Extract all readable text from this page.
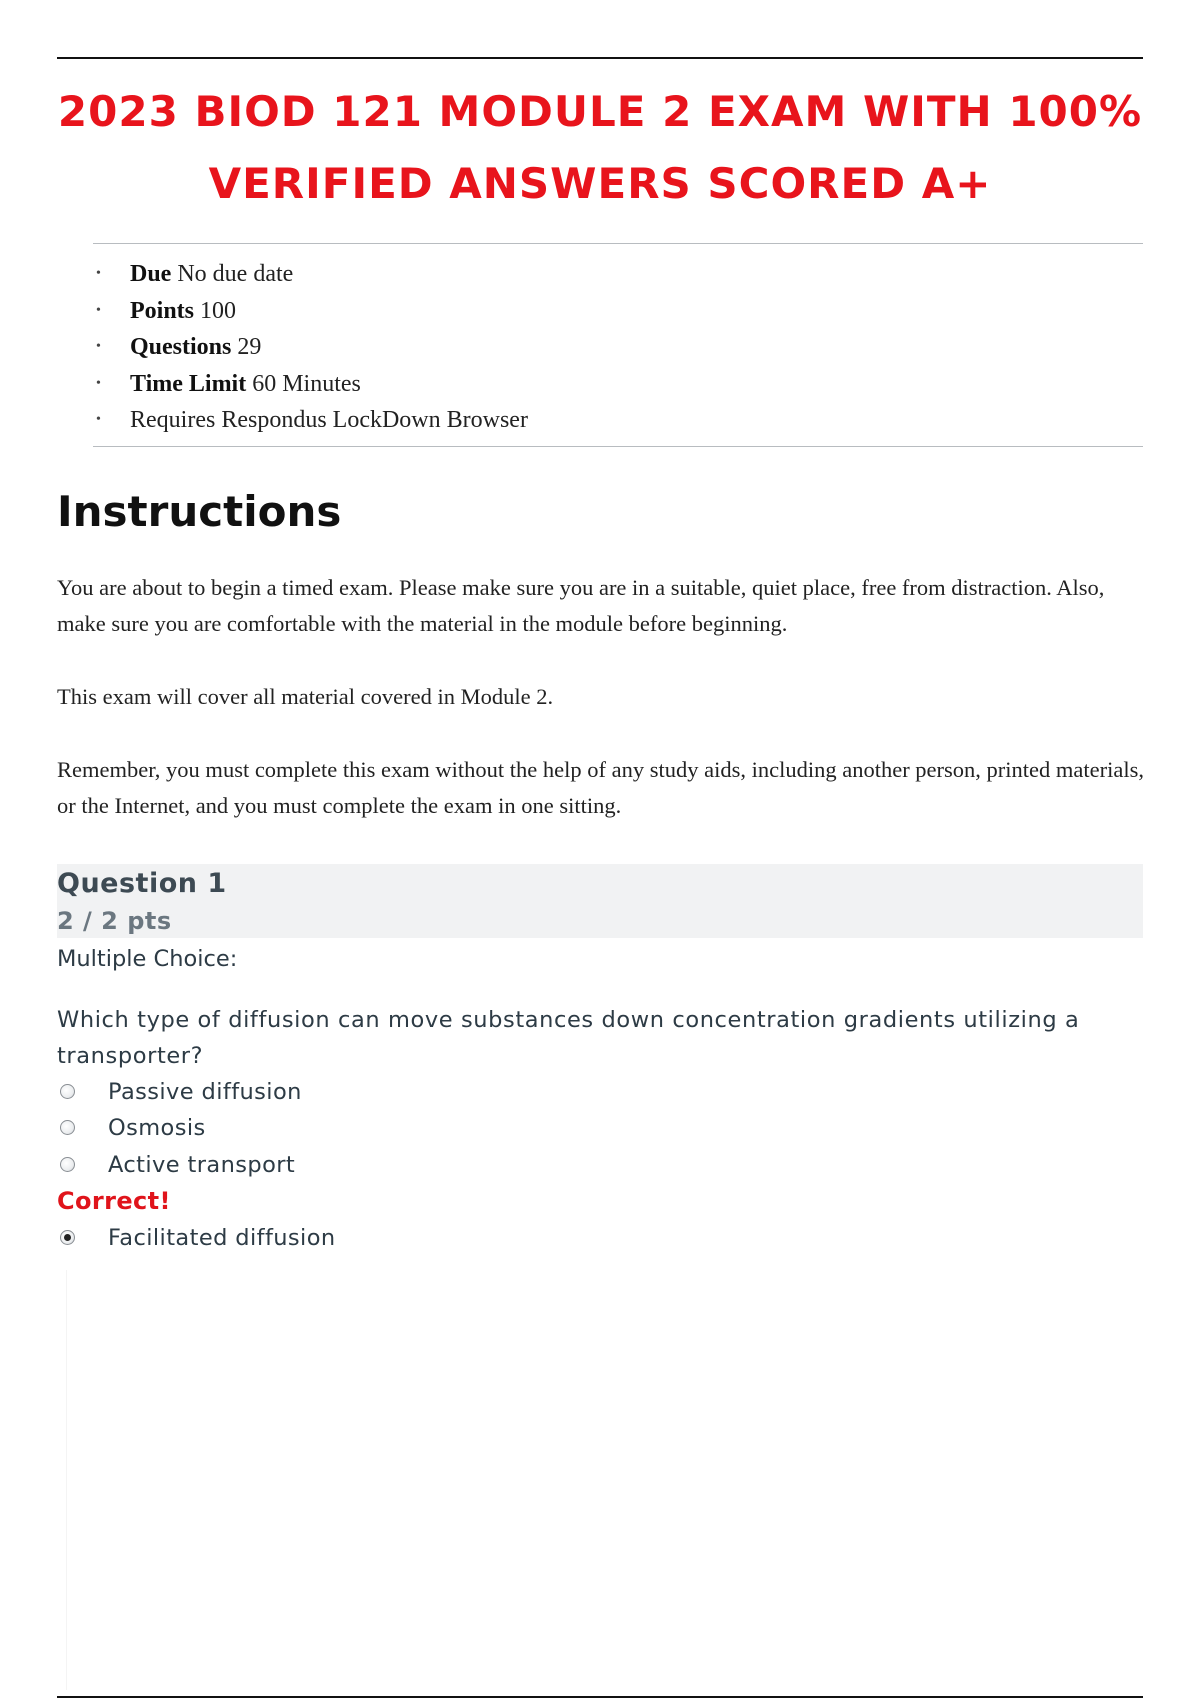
2023 BIOD 121 MODULE 2 EXAM WITH 100%
VERIFIED ANSWERS SCORED A+
• Due No due date
• Points 100
• Questions 29
• Time Limit 60 Minutes
• Requires Respondus LockDown Browser
Instructions

You are about to begin a timed exam. Please make sure you are in a suitable, quiet place, free from distraction. Also, make sure you are comfortable with the material in the module before beginning.

This exam will cover all material covered in Module 2.

Remember, you must complete this exam without the help of any study aids, including another person, printed materials, or the Internet, and you must complete the exam in one sitting.

Question 1
2 / 2 pts
Multiple Choice:

Which type of diffusion can move substances down concentration gradients utilizing a transporter?

Passive diffusion
Osmosis
Active transport
Correct!
Facilitated diffusion
